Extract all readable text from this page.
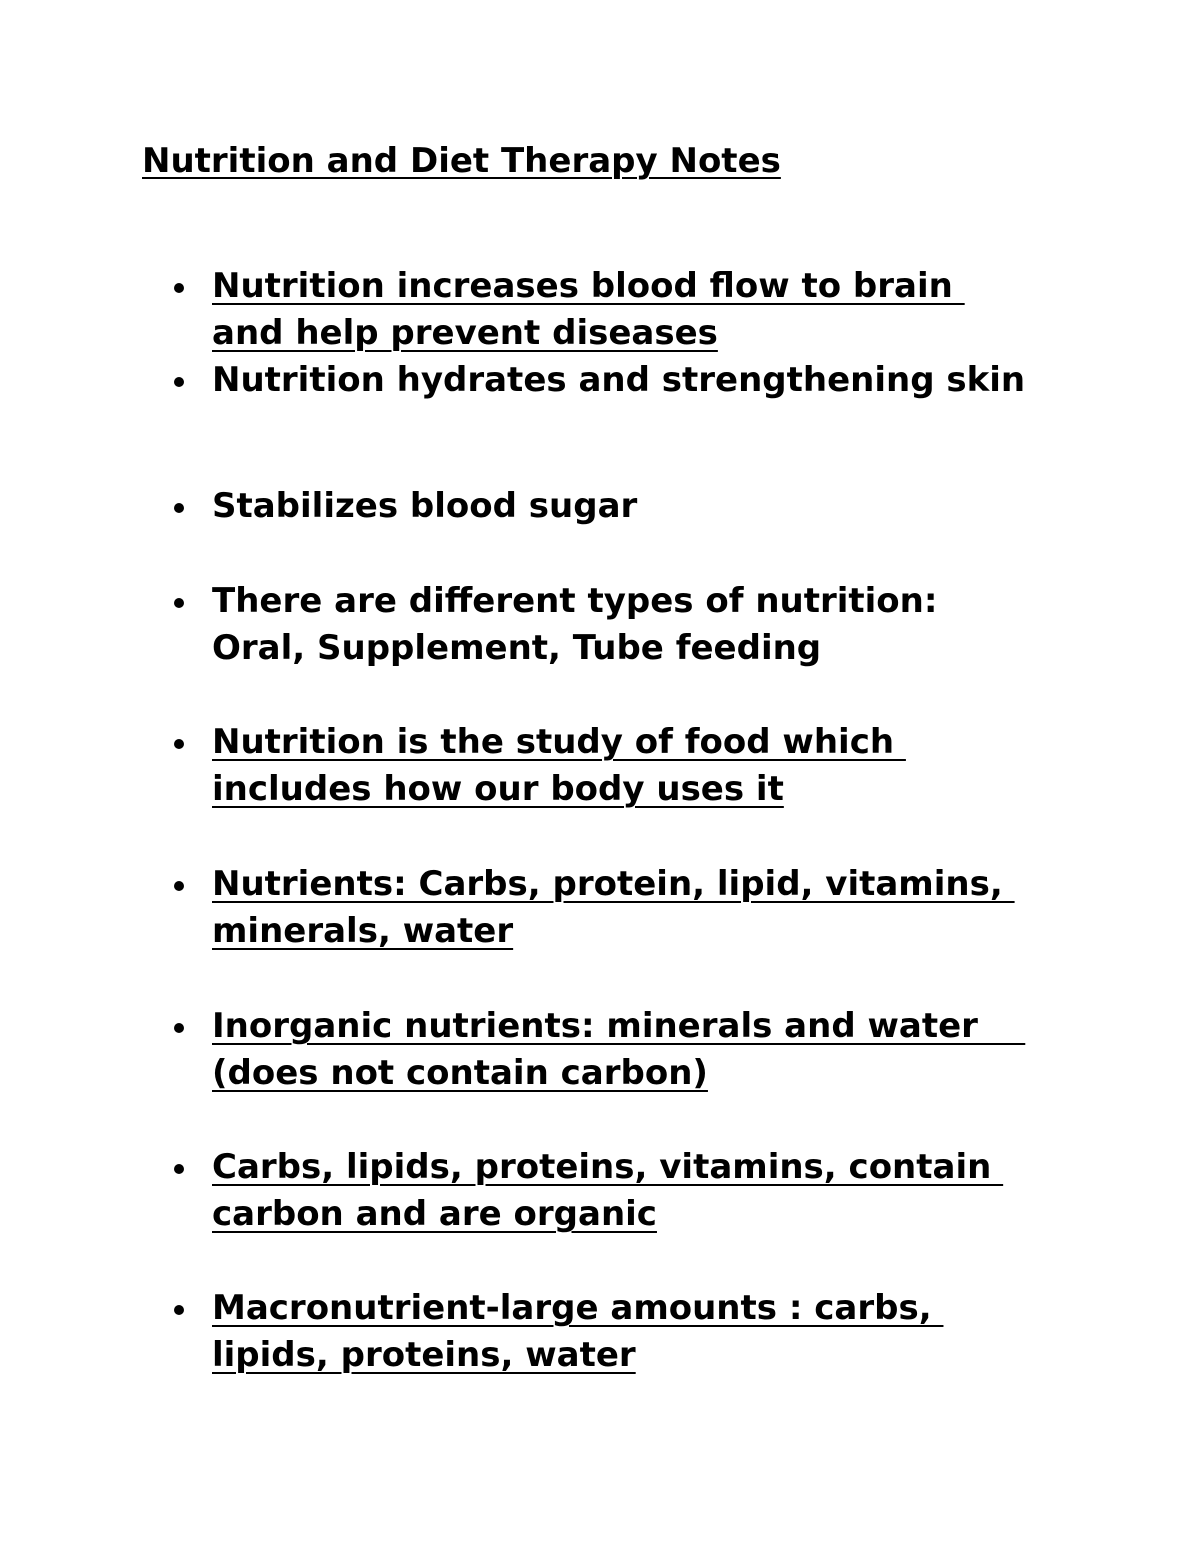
Nutrition and Diet Therapy Notes
Nutrition increases blood flow to brain
and help prevent diseases
Nutrition hydrates and strengthening skin
Stabilizes blood sugar
There are different types of nutrition:
Oral, Supplement, Tube feeding
Nutrition is the study of food which
includes how our body uses it
Nutrients: Carbs, protein, lipid, vitamins,
minerals, water
Inorganic nutrients: minerals and water
(does not contain carbon)
Carbs, lipids, proteins, vitamins, contain
carbon and are organic
Macronutrient-large amounts : carbs,
lipids, proteins, water
